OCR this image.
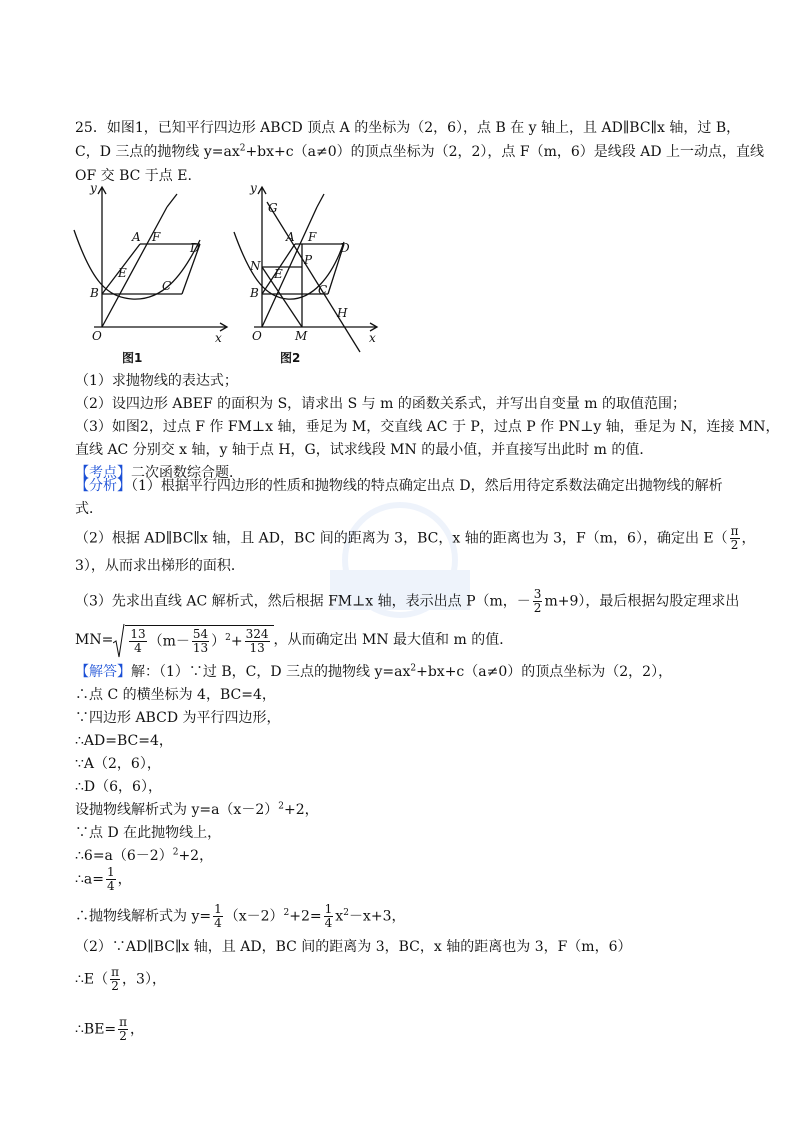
25．如图1，已知平行四边形 ABCD 顶点 A 的坐标为（2，6），点 B 在 y 轴上，且 AD∥BC∥x 轴，过 B，
C，D 三点的抛物线 $y=ax^2+bx+c(a\ne 0)$的顶点坐标为（2，2），点 F（m，6）是线段 AD 上一动点，直线
OF 交 BC 于点 E.
y
x
A F
D
E
B	C
O
图1
y
x
G
A F
D
N
E
P
B	C
H
O	M
图2
（1）求抛物线的表达式；
（2）设四边形 ABEF 的面积为 S，请求出 S 与 m 的函数关系式，并写出自变量 m 的取值范围；
（3）如图2，过点 F 作 FM⊥x 轴，垂足为 M，交直线 AC 于 P，过点 P 作 PN⊥y 轴，垂足为 N，连接 MN，
直线 AC 分别交 x 轴，y 轴于点 H，G，试求线段 MN 的最小值，并直接写出此时 m 的值．
【考点】二次函数综合题．
【分析】（1）根据平行四边形的性质和抛物线的特点确定出点 D，然后用待定系数法确定出抛物线的解析
式．
（2）根据 AD∥BC∥x 轴，且 AD，BC 间的距离为 3，BC，x 轴的距离也为 3，F（m，6），确定出 $E( \frac{\pi}{2}$ ，
3），从而求出梯形的面积．
（3）先求出直线 AC 解析式，然后根据 FM⊥x 轴，表示出点 P（m，－ $\frac{3}{2} m+9$），最后根据勾股定理求出
$MN= \frac{13}{4} (m- \frac{54}{13} )^2+ \frac{324}{13}$ ，从而确定出 MN 最大值和 m 的值．
【解答】解：（1）∵过 B，C，D 三点的抛物线 $y=ax^2+bx+c(a\ne 0)$的顶点坐标为（2，2），
∴点 C 的横坐标为 4，BC=4，
∵四边形 ABCD 为平行四边形，
∴AD=BC=4，
∵A（2，6），
∴D（6，6），
设抛物线解析式为 $y=a(x-2)^2+2$，
∵点 D 在此抛物线上，
$\therefore 6=a(6-2)^2+2$，
∴a= $\frac{1}{4}$ ，
∴抛物线解析式为 $y= \frac{1}{4} (x-2)^2+2= \frac{1}{4} x^2-x+3$，
（2）∵AD∥BC∥x 轴，且 AD，BC 间的距离为 3，BC，x 轴的距离也为 3，F（m，6）
∴E（ $\frac{\pi}{2}$ ，3），
∴BE= $\frac{\pi}{2}$ ，
